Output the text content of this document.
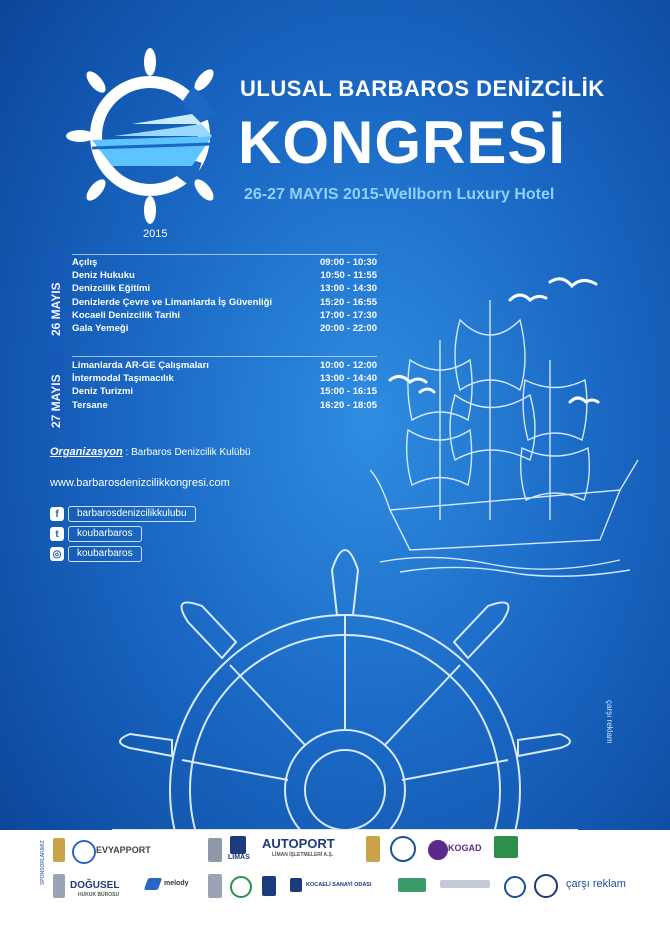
ULUSAL BARBAROS DENİZCİLİK
KONGRESİ
26-27 MAYIS 2015-Wellborn Luxury Hotel
2015
26 MAYIS
Açılış	09:00 - 10:30
Deniz Hukuku	10:50 - 11:55
Denizcilik Eğitimi	13:00 - 14:30
Denizlerde Çevre ve Limanlarda İş Güvenliği	15:20 - 16:55
Kocaeli Denizcilik Tarihi	17:00 - 17:30
Gala Yemeği	20:00 - 22:00
27 MAYIS
Limanlarda AR-GE Çalışmaları	10:00 - 12:00
İntermodal Taşımacılık	13:00 - 14:40
Deniz Turizmi	15:00 - 16:15
Tersane	16:20 - 18:05
Organizasyon : Barbaros Denizcilik Kulübü
www.barbarosdenizcilikkongresi.com
f	barbarosdenizcilikkulubu
t	koubarbaros
◎	koubarbaros
çarşı reklam
SPONSORLARIMIZ	EVYAPPORT
LİMAS
AUTOPORT
LİMAN İŞLETMELERİ A.Ş.
KOGAD
DOĞUSEL
HUKUK BÜROSU
melody	KOCAELİ SANAYİ ODASI	çarşı reklam
